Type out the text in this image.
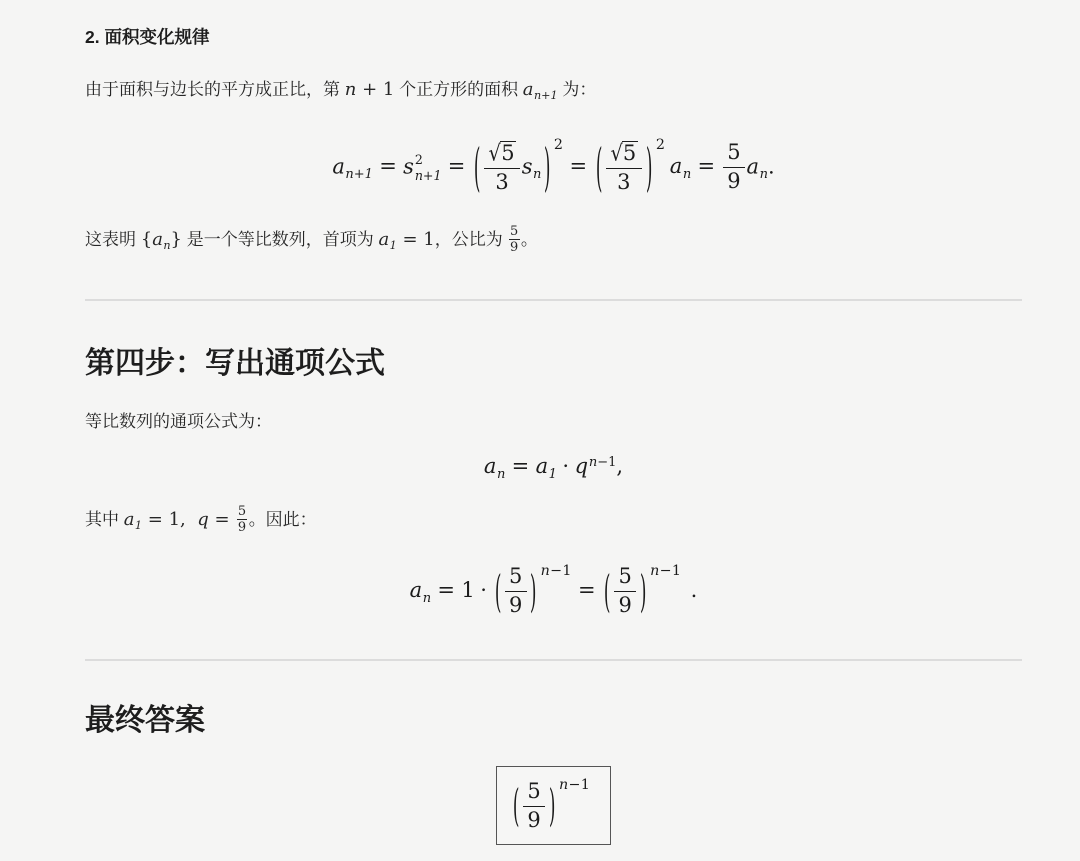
2. 面积变化规律

由于面积与边长的平方成正比，第 n + 1 个正方形的面积 $a_{n+1}$ 为：

$a_{n+1} = s$ 2
n+1 = ( $\frac{√5}{3} s_n$) $^2$= ( $\frac{√5}{3}$ ) $^2a_n = \frac{5}{9} a_n$.

这表明 $\{a_n\}$ 是一个等比数列，首项为 $a_1 = 1$，公比为 $\frac{5}{9}$ 。

第四步：写出通项公式

等比数列的通项公式为：

$a_n = a_1 \cdot q^{n-1}$,

其中 $a_1 = 1$, $q = \frac{5}{9}$ 。因此：

$a_n = 1$ ⋅ ( $\frac{5}{9}$ ) $^{n-1}$= ( $\frac{5}{9}$ ) $^{n-1}$.
最终答案
( $\frac{5}{9}$ ) $^{n-1}$
